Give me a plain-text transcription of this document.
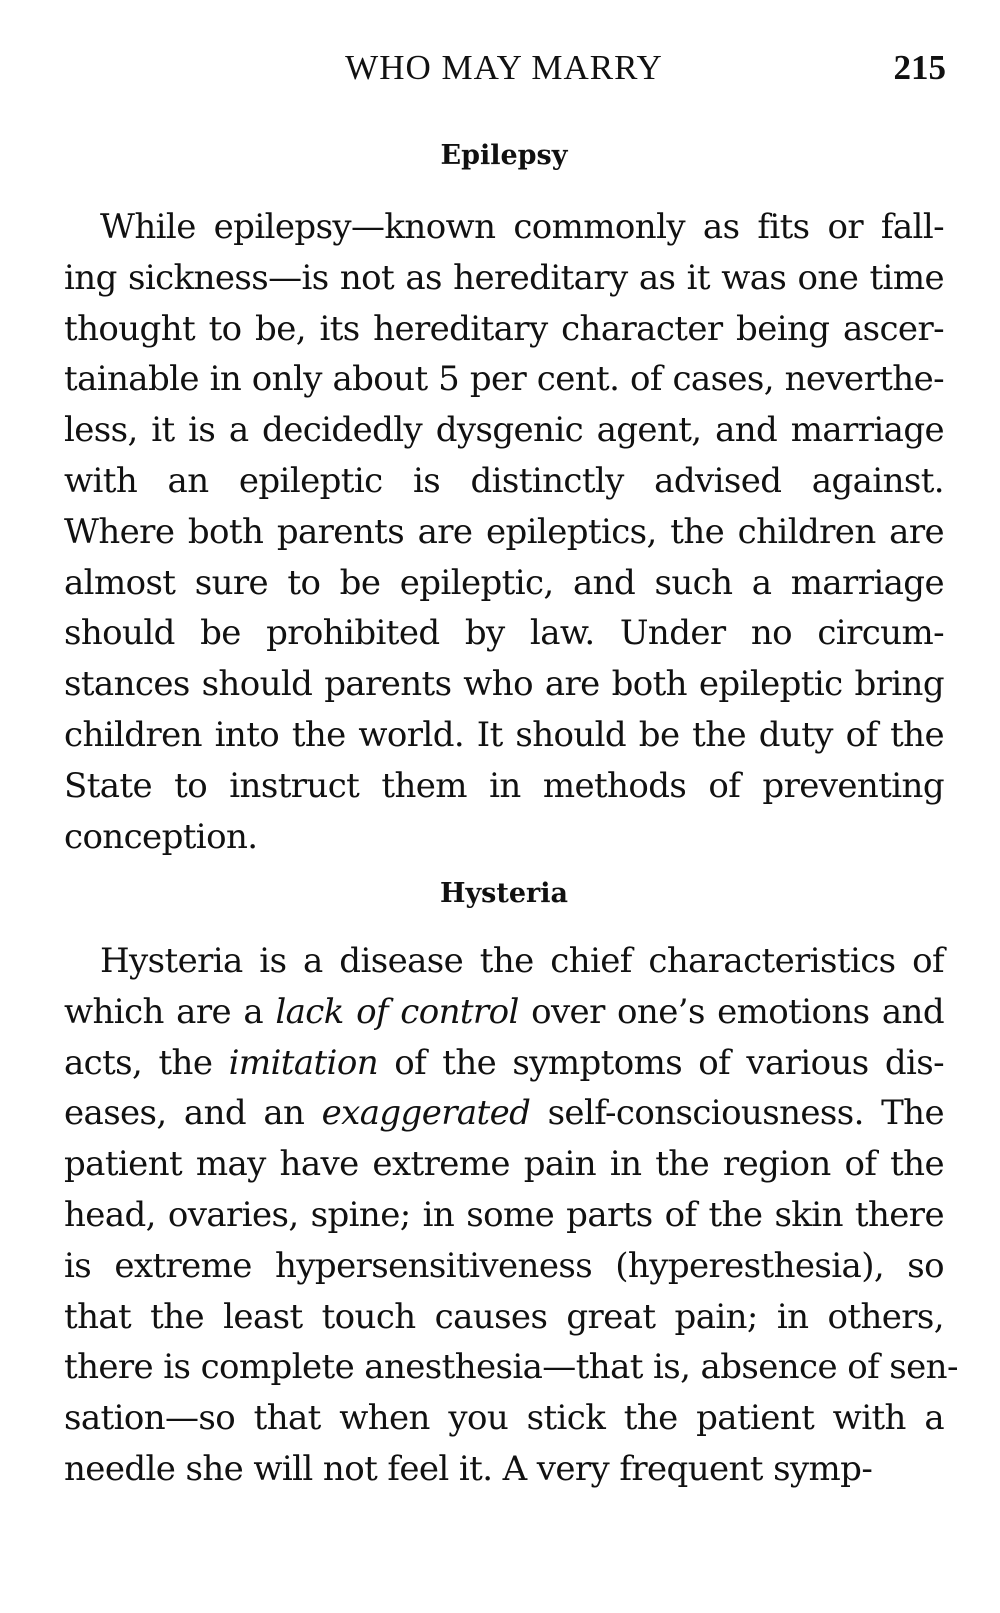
WHO MAY MARRY	215
Epilepsy
While epilepsy—known commonly as fits or fall-
ing sickness—is not as hereditary as it was one time
thought to be, its hereditary character being ascer-
tainable in only about 5 per cent. of cases, neverthe-
less, it is a decidedly dysgenic agent, and marriage
with an epileptic is distinctly advised against.
Where both parents are epileptics, the children are
almost sure to be epileptic, and such a marriage
should be prohibited by law. Under no circum-
stances should parents who are both epileptic bring
children into the world. It should be the duty of the
State to instruct them in methods of preventing
conception.
Hysteria
Hysteria is a disease the chief characteristics of
which are a lack of control over one’s emotions and
acts, the imitation of the symptoms of various dis-
eases, and an exaggerated self-consciousness. The
patient may have extreme pain in the region of the
head, ovaries, spine; in some parts of the skin there
is extreme hypersensitiveness (hyperesthesia), so
that the least touch causes great pain; in others,
there is complete anesthesia—that is, absence of sen-
sation—so that when you stick the patient with a
needle she will not feel it. A very frequent symp-
